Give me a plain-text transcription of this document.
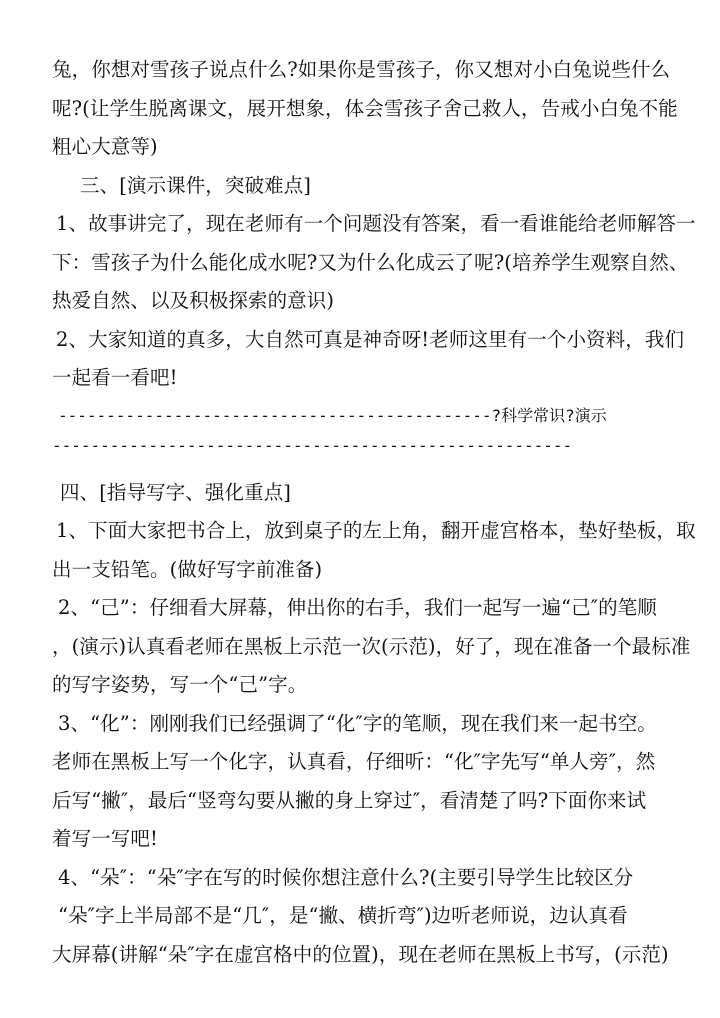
兔，你想对雪孩子说点什么?如果你是雪孩子，你又想对小白兔说些什么
呢?(让学生脱离课文，展开想象，体会雪孩子舍己救人，告戒小白兔不能
粗心大意等)
三、[演示课件，突破难点]
1、故事讲完了，现在老师有一个问题没有答案，看一看谁能给老师解答一
下：雪孩子为什么能化成水呢?又为什么化成云了呢?(培养学生观察自然、
热爱自然、以及积极探索的意识)
2、大家知道的真多，大自然可真是神奇呀!老师这里有一个小资料，我们
一起看一看吧!
---------------------------------------------?科学常识?演示
------------------------------------------------------
四、[指导写字、强化重点]
1、下面大家把书合上，放到桌子的左上角，翻开虚宫格本，垫好垫板，取
出一支铅笔。(做好写字前准备)
2、“己”：仔细看大屏幕，伸出你的右手，我们一起写一遍“己″的笔顺
，(演示)认真看老师在黑板上示范一次(示范)，好了，现在准备一个最标准
的写字姿势，写一个“己”字。
3、“化”：刚刚我们已经强调了“化″字的笔顺，现在我们来一起书空。
老师在黑板上写一个化字，认真看，仔细听：“化″字先写“单人旁″，然
后写“撇″，最后“竖弯勾要从撇的身上穿过″，看清楚了吗?下面你来试
着写一写吧!
4、“朵″：“朵″字在写的时候你想注意什么?(主要引导学生比较区分
“朵″字上半局部不是“几″，是“撇、横折弯″)边听老师说，边认真看
大屏幕(讲解“朵″字在虚宫格中的位置)，现在老师在黑板上书写，(示范)
